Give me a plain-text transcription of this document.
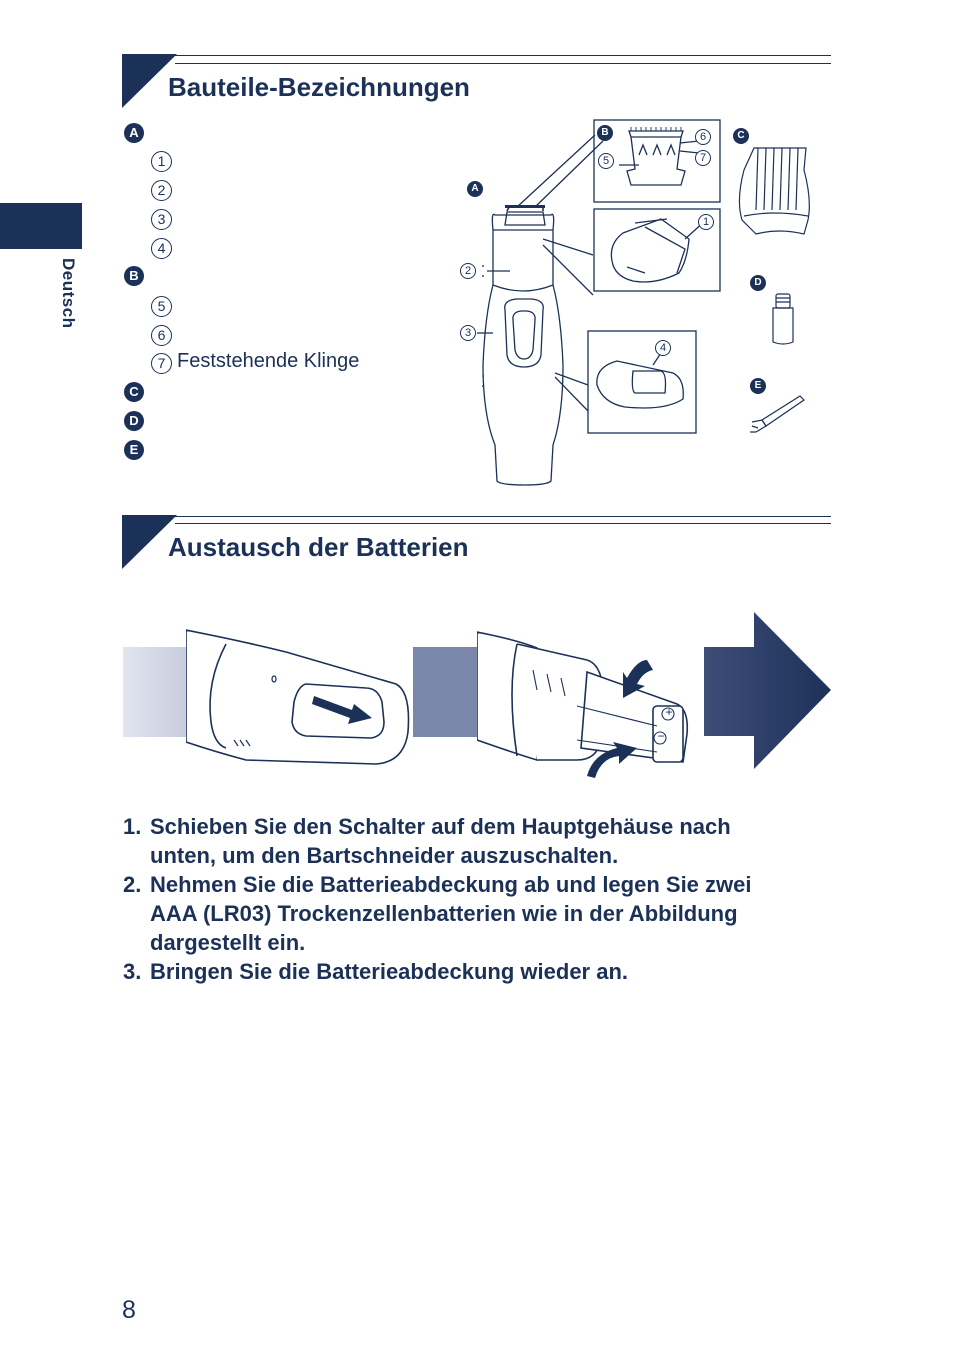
Deutsch
Bauteile-Bezeichnungen
A
1
2
3
4
B
5
6
7 Feststehende Klinge
C
D
E
A
B	C
D
E
2
3
1
4
5
6
7
Austausch der Batterien
+
−
1. Schieben Sie den Schalter auf dem Hauptgehäuse nach
unten, um den Bartschneider auszuschalten.
2. Nehmen Sie die Batterieabdeckung ab und legen Sie zwei
AAA (LR03) Trockenzellenbatterien wie in der Abbildung
dargestellt ein.
3. Bringen Sie die Batterieabdeckung wieder an.
8
